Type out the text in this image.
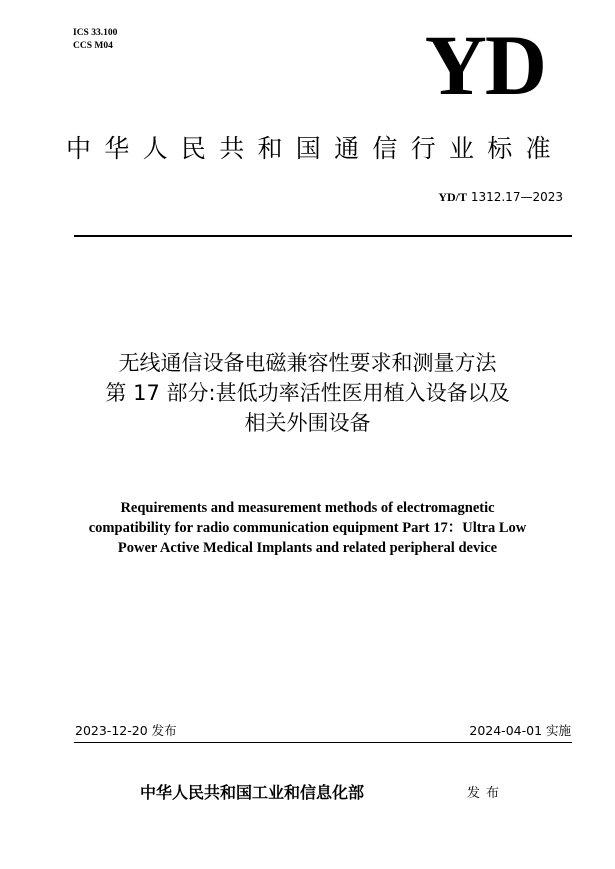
ICS 33.100
CCS M04	YD
中华人民共和国通信行业标准
YD/T 1312.17—2023
无线通信设备电磁兼容性要求和测量方法
第 17 部分:甚低功率活性医用植入设备以及
相关外围设备
Requirements and measurement methods of electromagnetic
compatibility for radio communication equipment Part 17：Ultra Low
Power Active Medical Implants and related peripheral device
2023-12-20 发布	2024-04-01 实施
中华人民共和国工业和信息化部	发布
